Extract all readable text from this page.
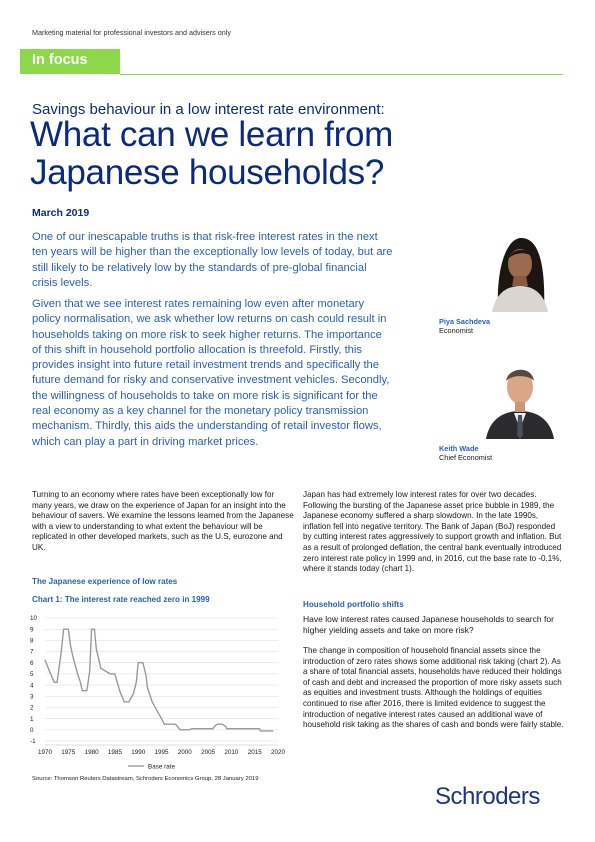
Marketing material for professional investors and advisers only
In focus
Savings behaviour in a low interest rate environment:
What can we learn from Japanese households?
March 2019

One of our inescapable truths is that risk-free interest rates in the next ten years will be higher than the exceptionally low levels of today, but are still likely to be relatively low by the standards of pre-global financial crisis levels.

Given that we see interest rates remaining low even after monetary policy normalisation, we ask whether low returns on cash could result in households taking on more risk to seek higher returns. The importance of this shift in household portfolio allocation is threefold. Firstly, this provides insight into future retail investment trends and specifically the future demand for risky and conservative investment vehicles. Secondly, the willingness of households to take on more risk is significant for the real economy as a key channel for the monetary policy transmission mechanism. Thirdly, this aids the understanding of retail investor flows, which can play a part in driving market prices.

Piya Sachdeva
Economist
Keith Wade
Chief Economist

Turning to an economy where rates have been exceptionally low for many years, we draw on the experience of Japan for an insight into the behaviour of savers. We examine the lessons learned from the Japanese with a view to understanding to what extent the behaviour will be replicated in other developed markets, such as the U.S, eurozone and UK.

The Japanese experience of low rates
Chart 1: The interest rate reached zero in 1999
10
9
8
7
6
5
4
3
2
1
0
-1
1970 1975 1980 1985 1990 1995 2000 2005 2010 2015 2020
Base rate
Source: Thomson Reuters Datastream, Schroders Economics Group, 28 January 2019

Japan has had extremely low interest rates for over two decades. Following the bursting of the Japanese asset price bubble in 1989, the Japanese economy suffered a sharp slowdown. In the late 1990s, inflation fell into negative territory. The Bank of Japan (BoJ) responded by cutting interest rates aggressively to support growth and inflation. But as a result of prolonged deflation, the central bank eventually introduced zero interest rate policy in 1999 and, in 2016, cut the base rate to -0.1%, where it stands today (chart 1).

Household portfolio shifts

Have low interest rates caused Japanese households to search for higher yielding assets and take on more risk?

The change in composition of household financial assets since the introduction of zero rates shows some additional risk taking (chart 2). As a share of total financial assets, households have reduced their holdings of cash and debt and increased the proportion of more risky assets such as equities and investment trusts. Although the holdings of equities continued to rise after 2016, there is limited evidence to suggest the introduction of negative interest rates caused an additional wave of household risk taking as the shares of cash and bonds were fairly stable.

Schroders
